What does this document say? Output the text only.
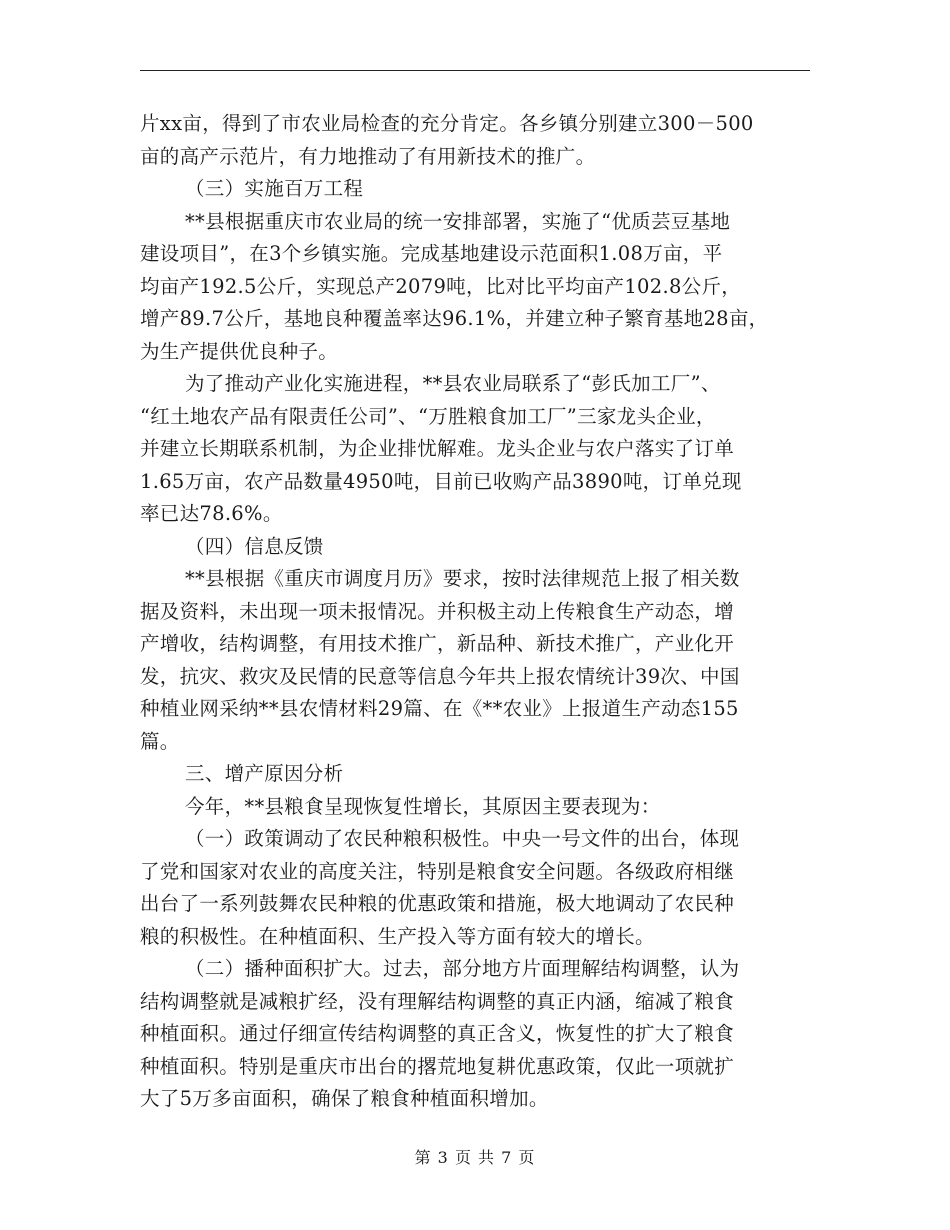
片xx亩，得到了市农业局检查的充分肯定。各乡镇分别建立300－500
亩的高产示范片，有力地推动了有用新技术的推广。
（三）实施百万工程
**县根据重庆市农业局的统一安排部署，实施了“优质芸豆基地
建设项目”，在3个乡镇实施。完成基地建设示范面积1.08万亩，平
均亩产192.5公斤，实现总产2079吨，比对比平均亩产102.8公斤，
增产89.7公斤，基地良种覆盖率达96.1%，并建立种子繁育基地28亩，
为生产提供优良种子。
为了推动产业化实施进程，**县农业局联系了“彭氏加工厂”、
“红土地农产品有限责任公司”、“万胜粮食加工厂”三家龙头企业，
并建立长期联系机制，为企业排忧解难。龙头企业与农户落实了订单
1.65万亩，农产品数量4950吨，目前已收购产品3890吨，订单兑现
率已达78.6%。
（四）信息反馈
**县根据《重庆市调度月历》要求，按时法律规范上报了相关数
据及资料，未出现一项未报情况。并积极主动上传粮食生产动态，增
产增收，结构调整，有用技术推广，新品种、新技术推广，产业化开
发，抗灾、救灾及民情的民意等信息今年共上报农情统计39次、中国
种植业网采纳**县农情材料29篇、在《**农业》上报道生产动态155
篇。
三、增产原因分析
今年，**县粮食呈现恢复性增长，其原因主要表现为：
（一）政策调动了农民种粮积极性。中央一号文件的出台，体现
了党和国家对农业的高度关注，特别是粮食安全问题。各级政府相继
出台了一系列鼓舞农民种粮的优惠政策和措施，极大地调动了农民种
粮的积极性。在种植面积、生产投入等方面有较大的增长。
（二）播种面积扩大。过去，部分地方片面理解结构调整，认为
结构调整就是减粮扩经，没有理解结构调整的真正内涵，缩减了粮食
种植面积。通过仔细宣传结构调整的真正含义，恢复性的扩大了粮食
种植面积。特别是重庆市出台的撂荒地复耕优惠政策，仅此一项就扩
大了5万多亩面积，确保了粮食种植面积增加。
第 3 页 共 7 页
